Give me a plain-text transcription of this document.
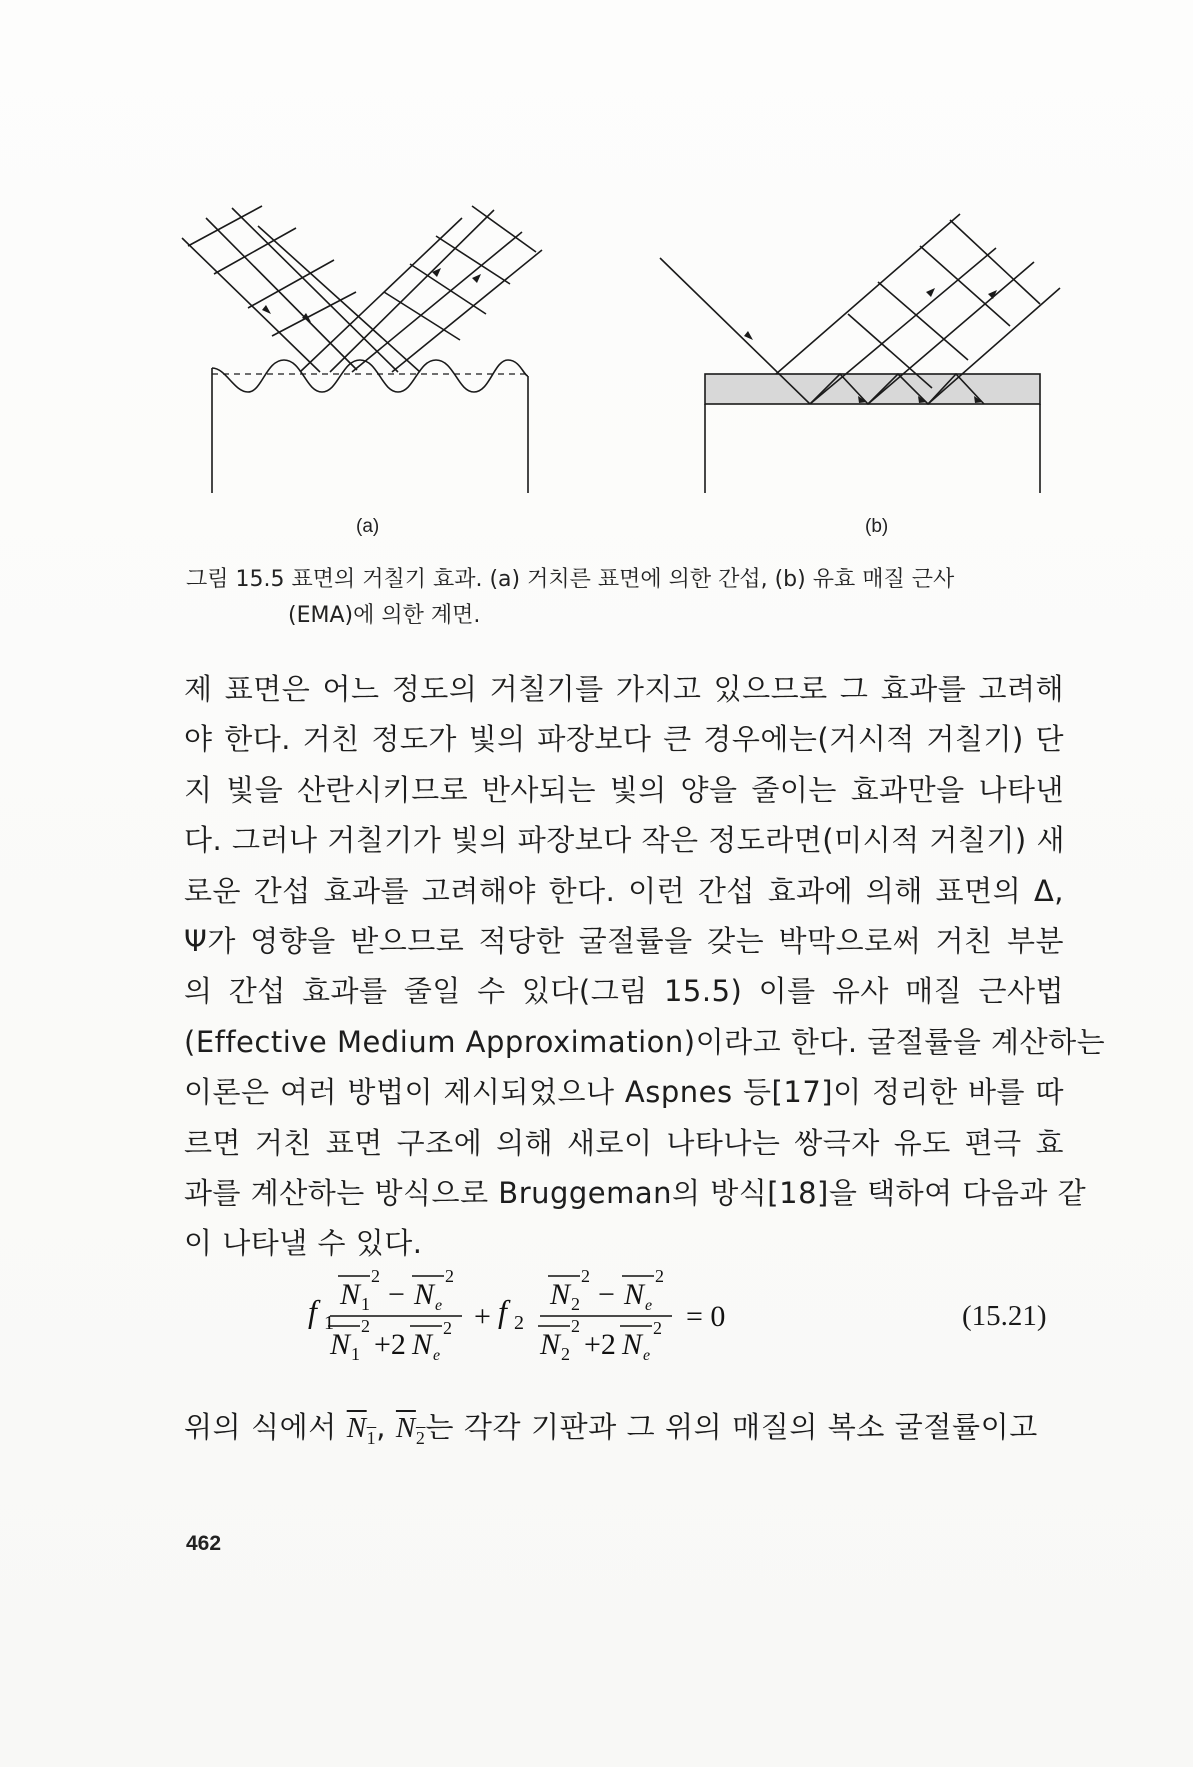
(a)	(b)
그림 15.5 표면의 거칠기 효과. (a) 거치른 표면에 의한 간섭, (b) 유효 매질 근사
(EMA)에 의한 계면.
제 표면은 어느 정도의 거칠기를 가지고 있으므로 그 효과를 고려해
야 한다. 거친 정도가 빛의 파장보다 큰 경우에는(거시적 거칠기) 단
지 빛을 산란시키므로 반사되는 빛의 양을 줄이는 효과만을 나타낸
다. 그러나 거칠기가 빛의 파장보다 작은 정도라면(미시적 거칠기) 새
로운 간섭 효과를 고려해야 한다. 이런 간섭 효과에 의해 표면의 Δ,
Ψ가 영향을 받으므로 적당한 굴절률을 갖는 박막으로써 거친 부분
의 간섭 효과를 줄일 수 있다(그림 15.5) 이를 유사 매질 근사법
(Effective Medium Approximation)이라고 한다. 굴절률을 계산하는
이론은 여러 방법이 제시되었으나 Aspnes 등[17]이 정리한 바를 따
르면 거친 표면 구조에 의해 새로이 나타나는 쌍극자 유도 편극 효
과를 계산하는 방식으로 Bruggeman의 방식[18]을 택하여 다음과 같
이 나타낼 수 있다.
f 1
N 1
2
− N e
2
N 1
2
+2 N e
2 + f 2
N 2
2
− N e
2
N 2
2
+2 N e
2 = 0	(15.21)
위의 식에서 $\overline{N}_1$, $\overline{N}_2$는 각각 기판과 그 위의 매질의 복소 굴절률이고
462
